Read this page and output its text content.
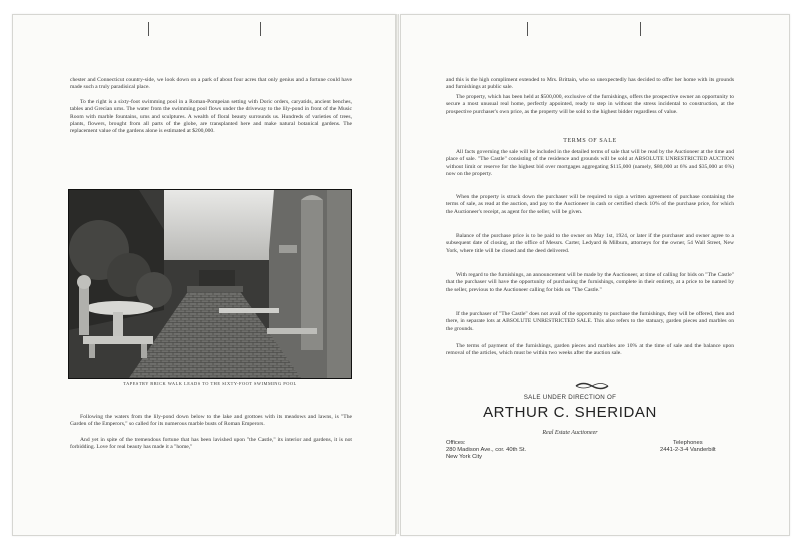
chester and Connecticut country-side, we look down on a park of about four acres that only genius and a fortune could have made such a truly paradisical place.

To the right is a sixty-foot swimming pool in a Roman-Pompeian setting with Doric orders, caryatids, ancient benches, tables and Grecian urns. The water from the swimming pool flows under the driveway to the lily-pond in front of the Music Room with marble fountains, urns and sculptures. A wealth of floral beauty surrounds us. Hundreds of varieties of trees, plants, flowers, brought from all parts of the globe, are transplanted here and make natural botanical gardens. The replacement value of the gardens alone is estimated at $200,000.

TAPESTRY BRICK WALK LEADS TO THE SIXTY-FOOT SWIMMING POOL

Following the waters from the lily-pond down below to the lake and grottoes with its meadows and lawns, is "The Garden of the Emperors," so called for its numerous marble busts of Roman Emperors.

And yet in spite of the tremendous fortune that has been lavished upon "the Castle," its interior and gardens, it is not forbidding. Love for real beauty has made it a "home,"

and this is the high compliment extended to Mrs. Brittain, who so unexpectedly has decided to offer her home with its grounds and furnishings at public sale.

The property, which has been held at $500,000, exclusive of the furnishings, offers the prospective owner an opportunity to secure a most unusual real home, perfectly appointed, ready to step in without the stress incidental to construction, at the prospective purchaser's own price, as the property will be sold to the highest bidder regardless of value.

TERMS OF SALE

All facts governing the sale will be included in the detailed terms of sale that will be read by the Auctioneer at the time and place of sale. "The Castle" consisting of the residence and grounds will be sold at ABSOLUTE UNRESTRICTED AUCTION without limit or reserve for the highest bid over mortgages aggregating $115,000 (namely, $80,000 at 6% and $35,000 at 6%) now on the property.

When the property is struck down the purchaser will be required to sign a written agreement of purchase containing the terms of sale, as read at the auction, and pay to the Auctioneer in cash or certified check 10% of the purchase price, for which the Auctioneer's receipt, as agent for the seller, will be given.

Balance of the purchase price is to be paid to the owner on May 1st, 1924, or later if the purchaser and owner agree to a subsequent date of closing, at the office of Messrs. Carter, Ledyard & Milburn, attorneys for the owner, 54 Wall Street, New York, where title will be closed and the deed delivered.

With regard to the furnishings, an announcement will be made by the Auctioneer, at time of calling for bids on "The Castle" that the purchaser will have the opportunity of purchasing the furnishings, complete in their entirety, at a price to be named by the seller, previous to the Auctioneer calling for bids on "The Castle."

If the purchaser of "The Castle" does not avail of the opportunity to purchase the furnishings, they will be offered, then and there, in separate lots at ABSOLUTE UNRESTRICTED SALE. This also refers to the statuary, garden pieces and marbles on the grounds.

The terms of payment of the furnishings, garden pieces and marbles are 10% at the time of sale and the balance upon removal of the articles, which must be within two weeks after the auction sale.

SALE UNDER DIRECTION OF
ARTHUR C. SHERIDAN
Real Estate Auctioneer
Offices:
280 Madison Ave., cor. 40th St.
New York City
Telephones
2441-2-3-4 Vanderbilt
